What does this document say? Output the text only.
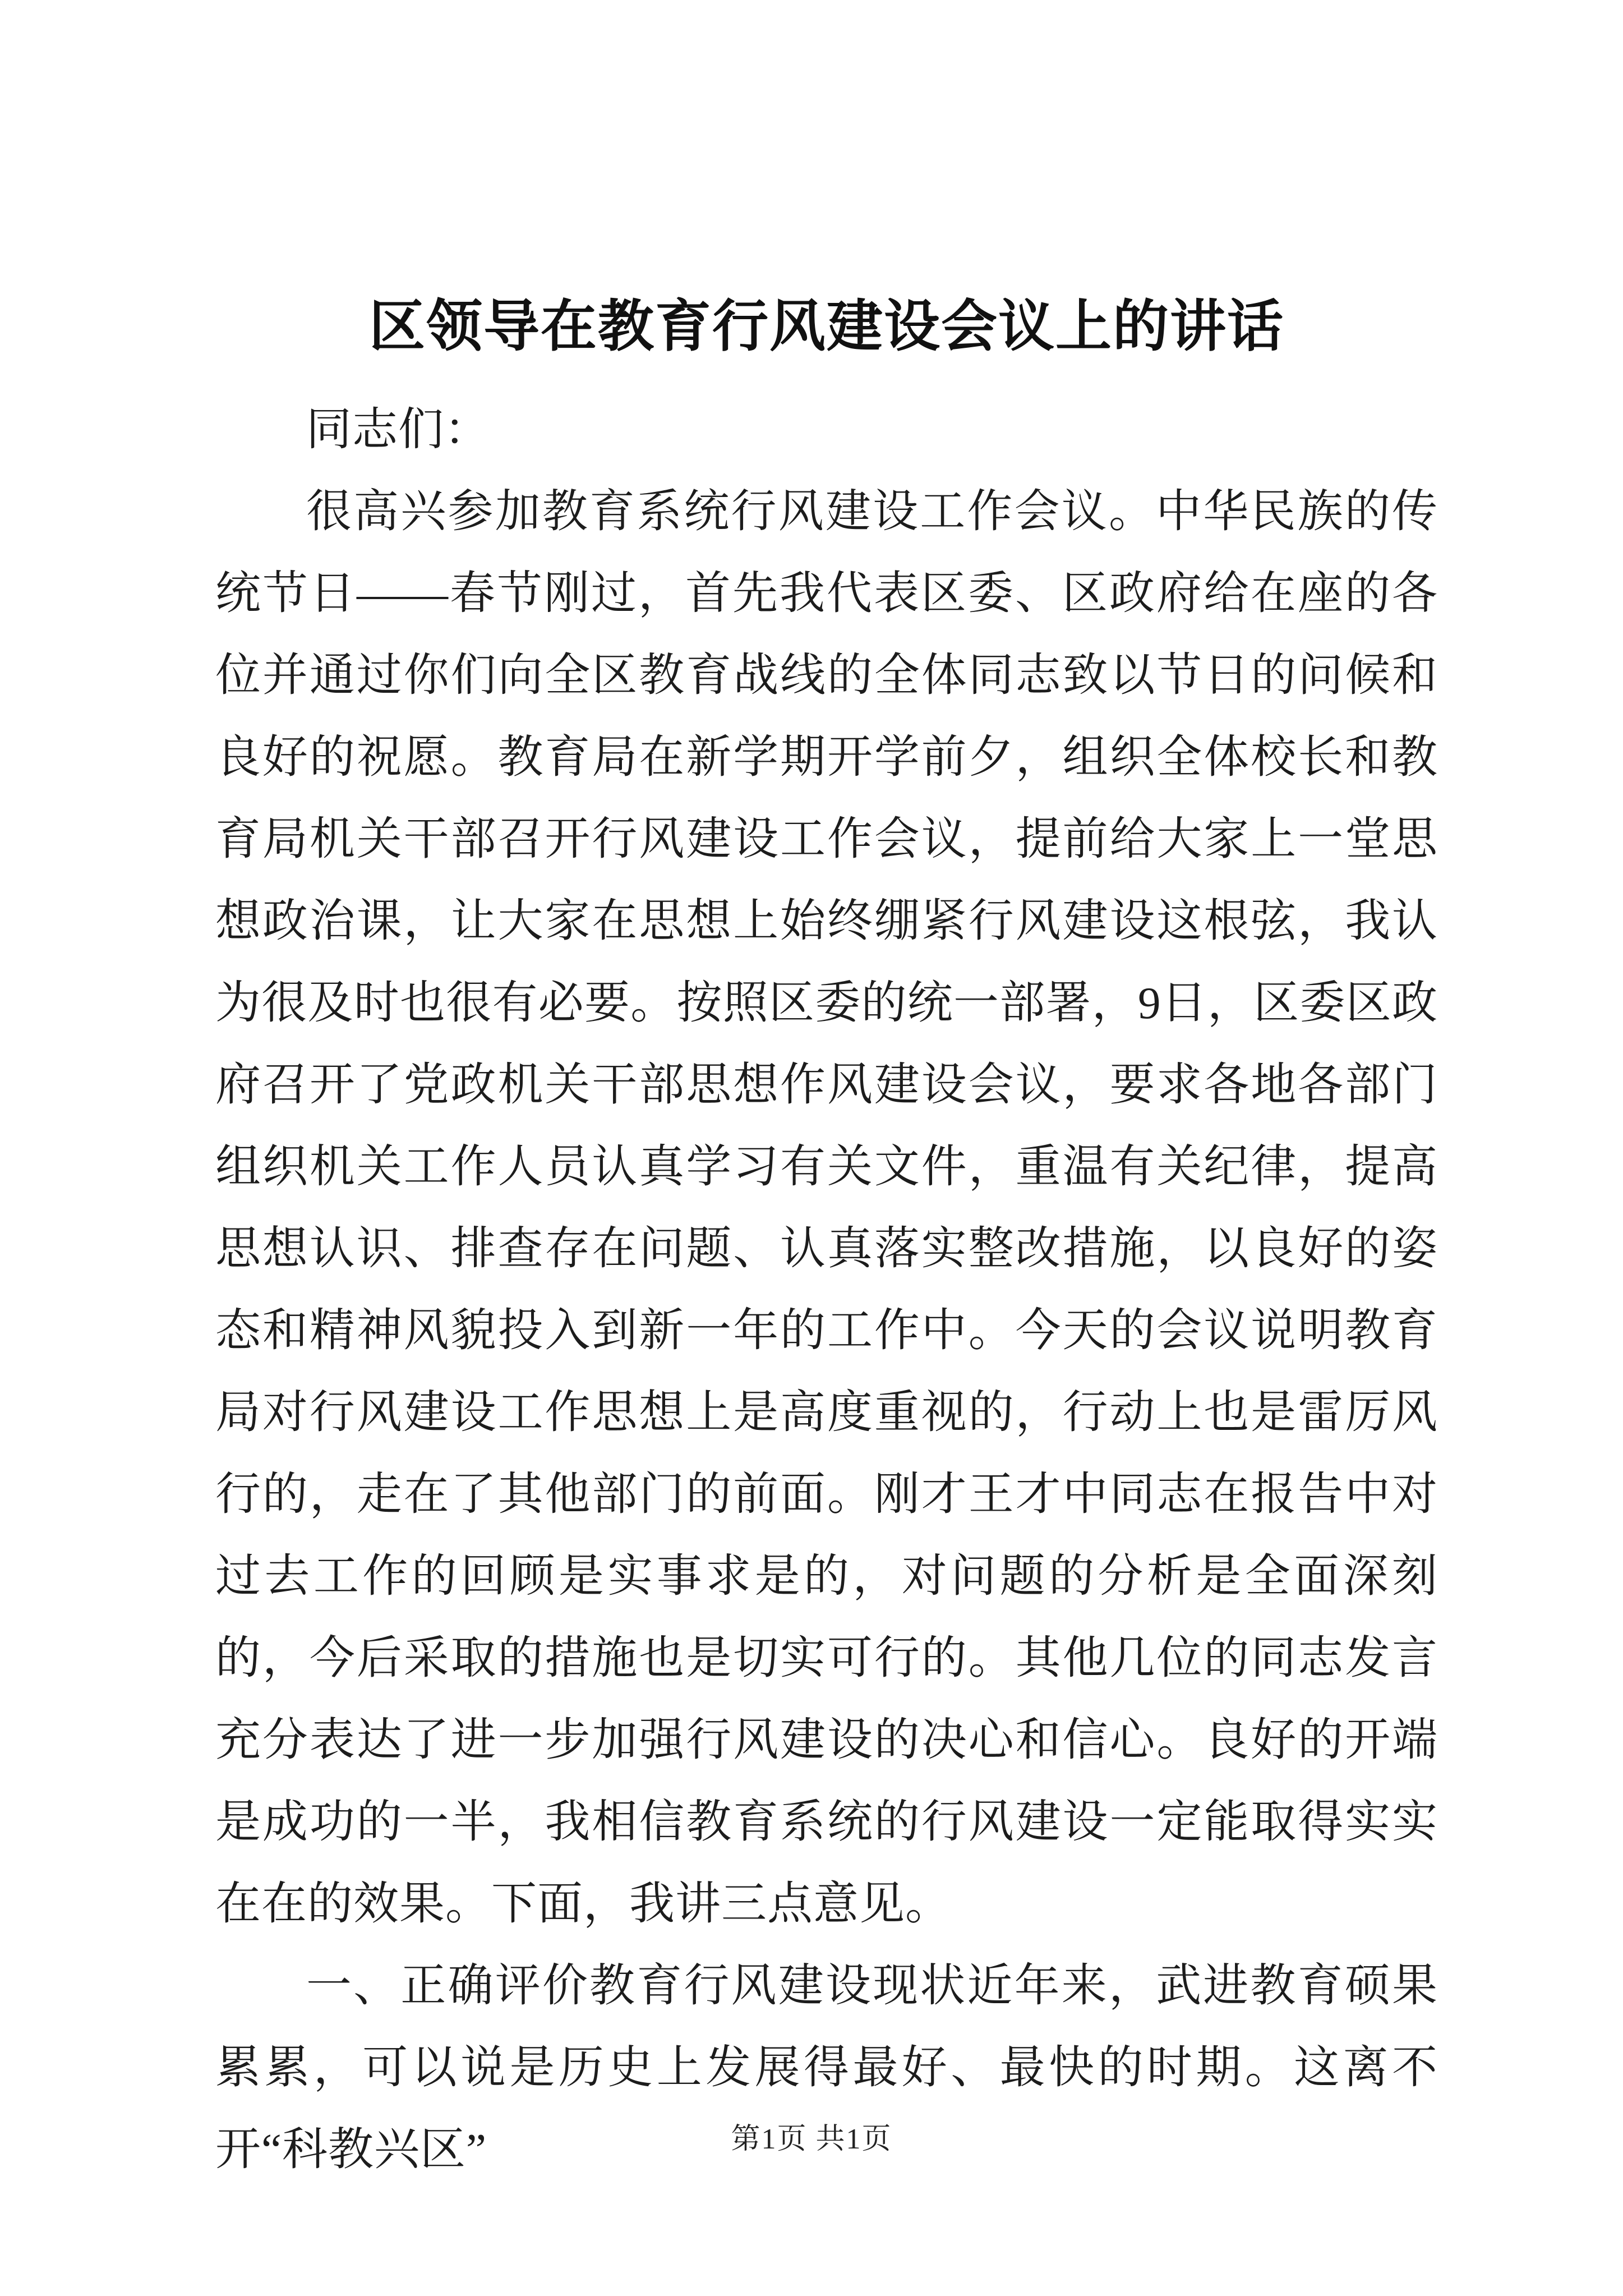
区领导在教育行风建设会议上的讲话

同志们：

很高兴参加教育系统行风建设工作会议。中华民族的传统节日——春节刚过，首先我代表区委、区政府给在座的各位并通过你们向全区教育战线的全体同志致以节日的问候和良好的祝愿。教育局在新学期开学前夕，组织全体校长和教育局机关干部召开行风建设工作会议，提前给大家上一堂思想政治课，让大家在思想上始终绷紧行风建设这根弦，我认为很及时也很有必要。按照区委的统一部署，9日，区委区政府召开了党政机关干部思想作风建设会议，要求各地各部门组织机关工作人员认真学习有关文件，重温有关纪律，提高思想认识、排查存在问题、认真落实整改措施，以良好的姿态和精神风貌投入到新一年的工作中。今天的会议说明教育局对行风建设工作思想上是高度重视的，行动上也是雷厉风行的，走在了其他部门的前面。刚才王才中同志在报告中对过去工作的回顾是实事求是的，对问题的分析是全面深刻的，今后采取的措施也是切实可行的。其他几位的同志发言充分表达了进一步加强行风建设的决心和信心。良好的开端是成功的一半，我相信教育系统的行风建设一定能取得实实在在的效果。下面，我讲三点意见。

一、正确评价教育行风建设现状近年来，武进教育硕果累累，可以说是历史上发展得最好、最快的时期。这离不开“科教兴区”	第1页 共1页
